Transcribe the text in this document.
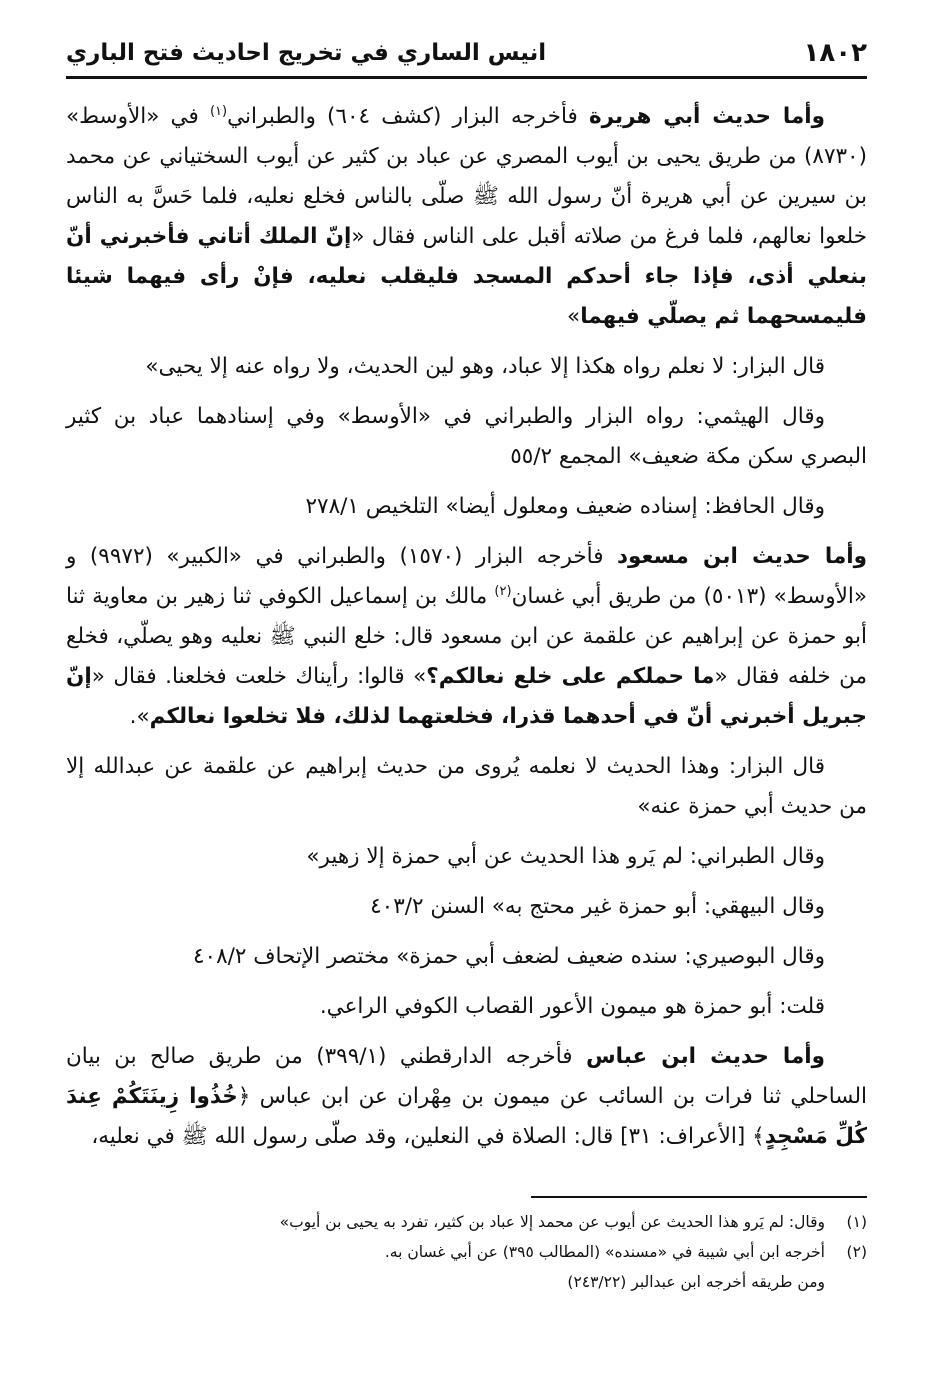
١٨٠٢
انيس الساري في تخريج احاديث فتح الباري

وأما حديث أبي هريرة فأخرجه البزار (كشف ٦٠٤) والطبراني$^{(١)}$ في «الأوسط» (٨٧٣٠) من طريق يحيى بن أيوب المصري عن عباد بن كثير عن أيوب السختياني عن محمد بن سيرين عن أبي هريرة أنّ رسول الله ﷺ صلّى بالناس فخلع نعليه، فلما حَسَّ به الناس خلعوا نعالهم، فلما فرغ من صلاته أقبل على الناس فقال «إنّ الملك أتاني فأخبرني أنّ بنعلي أذى، فإذا جاء أحدكم المسجد فليقلب نعليه، فإنْ رأى فيهما شيئا فليمسحهما ثم يصلّي فيهما»

قال البزار: لا نعلم رواه هكذا إلا عباد، وهو لين الحديث، ولا رواه عنه إلا يحيى»

وقال الهيثمي: رواه البزار والطبراني في «الأوسط» وفي إسنادهما عباد بن كثير البصري سكن مكة ضعيف» المجمع ٥٥/٢

وقال الحافظ: إسناده ضعيف ومعلول أيضا» التلخيص ٢٧٨/١

وأما حديث ابن مسعود فأخرجه البزار (١٥٧٠) والطبراني في «الكبير» (٩٩٧٢) و «الأوسط» (٥٠١٣) من طريق أبي غسان$^{(٢)}$ مالك بن إسماعيل الكوفي ثنا زهير بن معاوية ثنا أبو حمزة عن إبراهيم عن علقمة عن ابن مسعود قال: خلع النبي ﷺ نعليه وهو يصلّي، فخلع من خلفه فقال «ما حملكم على خلع نعالكم؟» قالوا: رأيناك خلعت فخلعنا. فقال «إنّ جبريل أخبرني أنّ في أحدهما قذرا، فخلعتهما لذلك، فلا تخلعوا نعالكم».

قال البزار: وهذا الحديث لا نعلمه يُروى من حديث إبراهيم عن علقمة عن عبدالله إلا من حديث أبي حمزة عنه»

وقال الطبراني: لم يَرو هذا الحديث عن أبي حمزة إلا زهير»

وقال البيهقي: أبو حمزة غير محتج به» السنن ٤٠٣/٢

وقال البوصيري: سنده ضعيف لضعف أبي حمزة» مختصر الإتحاف ٤٠٨/٢

قلت: أبو حمزة هو ميمون الأعور القصاب الكوفي الراعي.

وأما حديث ابن عباس فأخرجه الدارقطني (٣٩٩/١) من طريق صالح بن بيان الساحلي ثنا فرات بن السائب عن ميمون بن مِهْران عن ابن عباس ﴿خُذُوا زِينَتَكُمْ عِندَ كُلِّ مَسْجِدٍ﴾ [الأعراف: ٣١] قال: الصلاة في النعلين، وقد صلّى رسول الله ﷺ في نعليه،

(١)
وقال: لم يَرو هذا الحديث عن أيوب عن محمد إلا عباد بن كثير، تفرد به يحيى بن أيوب»
(٢)
أخرجه ابن أبي شيبة في «مسنده» (المطالب ٣٩٥) عن أبي غسان به.
ومن طريقه أخرجه ابن عبدالبر (٢٤٣/٢٢)
